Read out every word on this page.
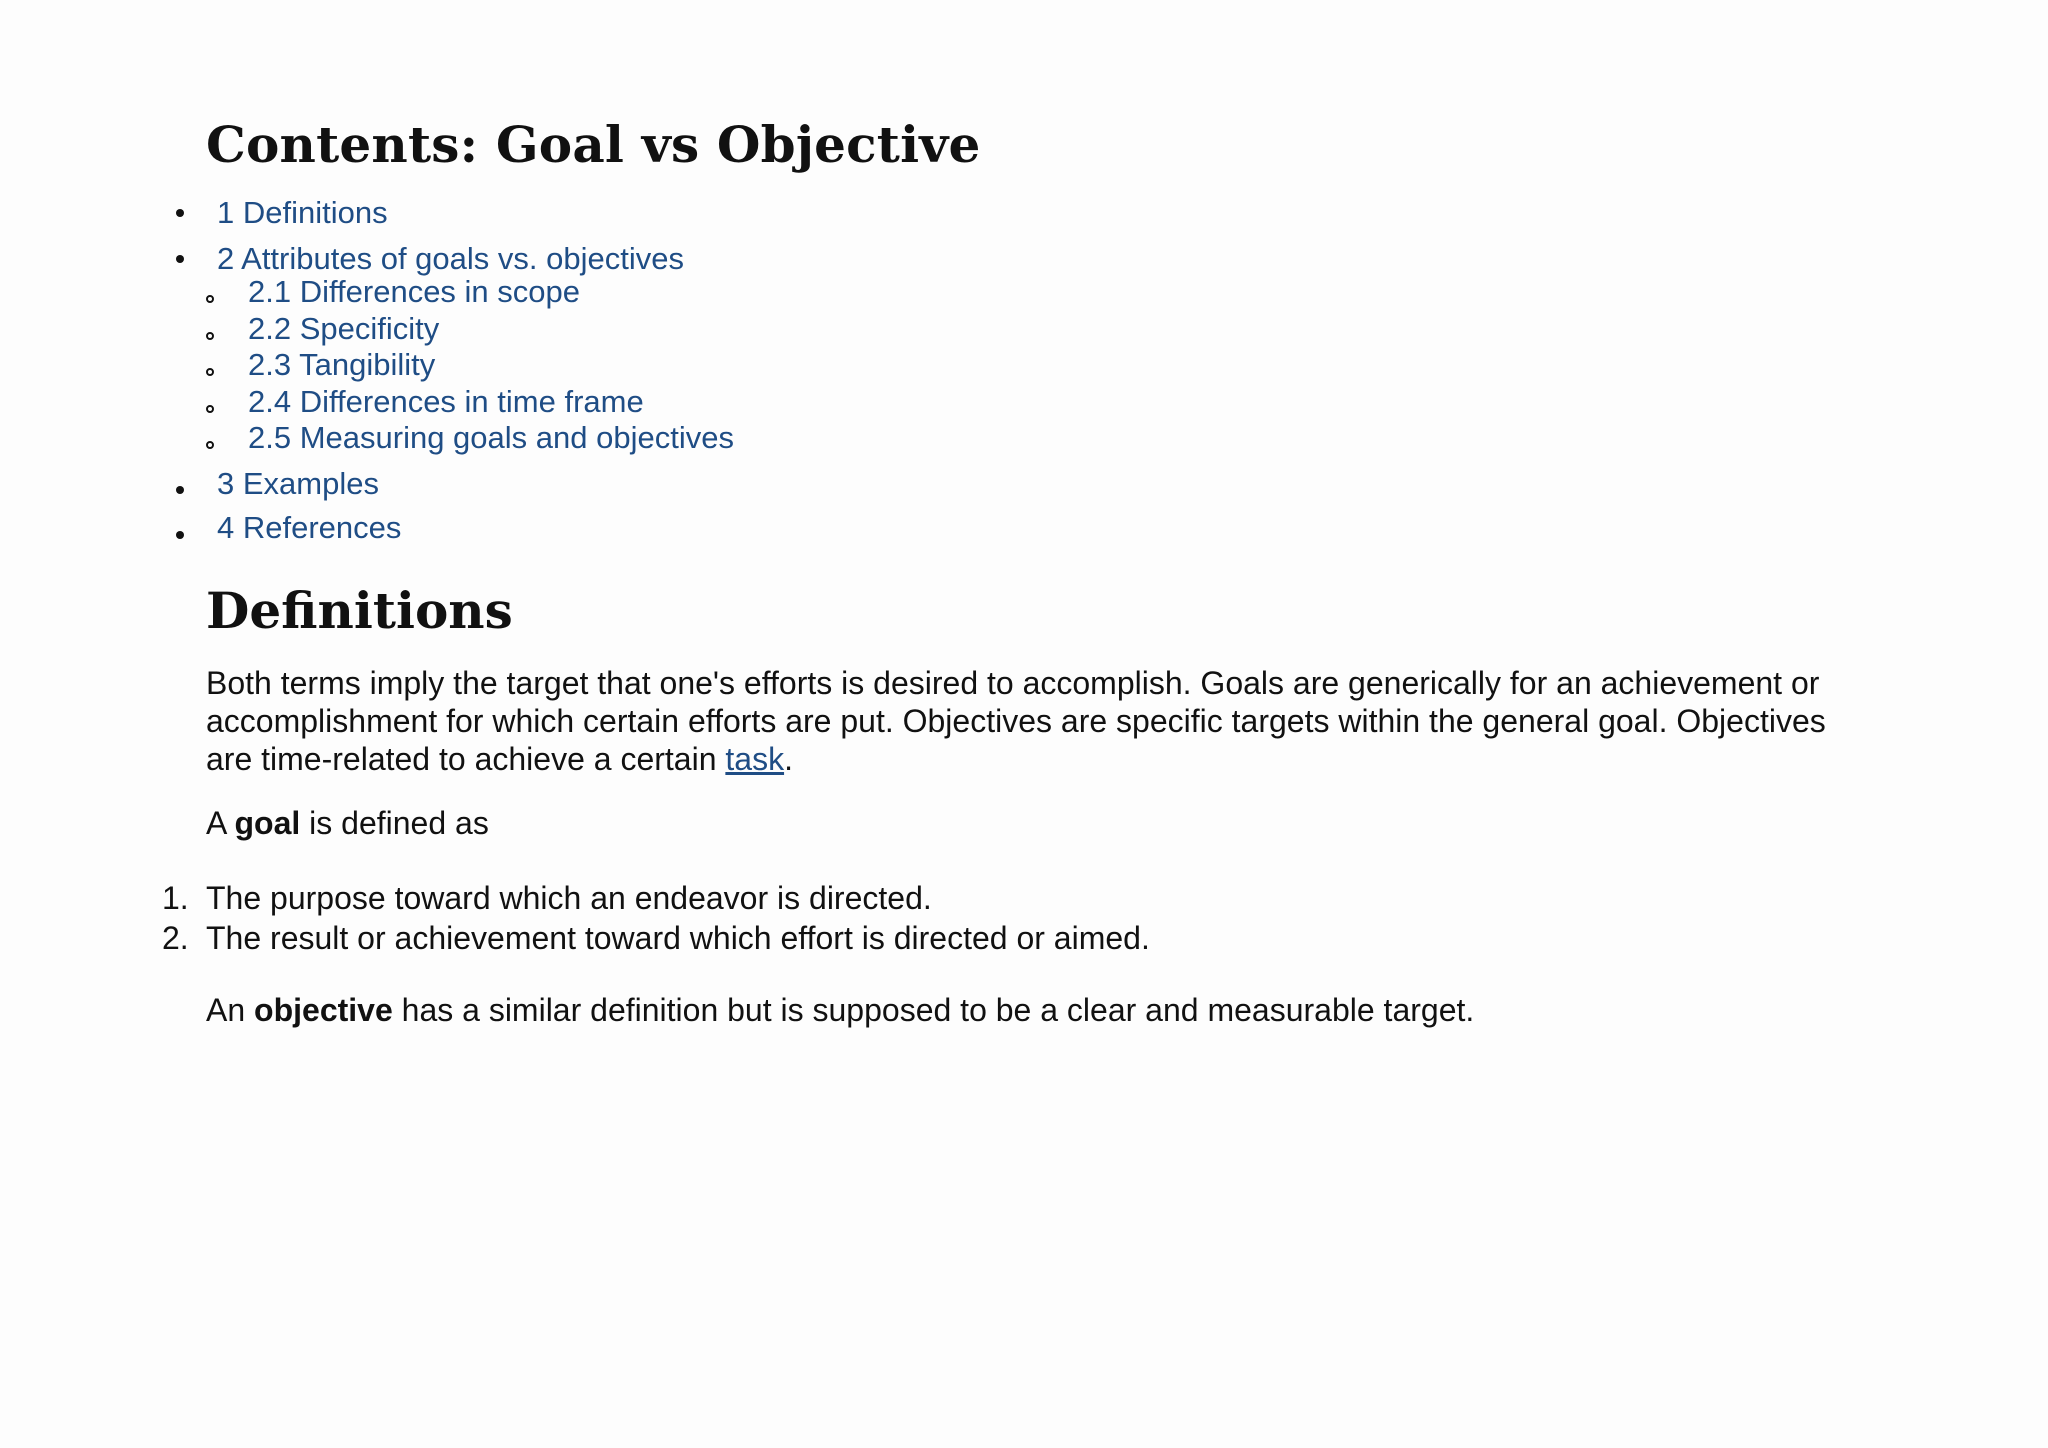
Contents: Goal vs Objective
1 Definitions
2 Attributes of goals vs. objectives
2.1 Differences in scope
2.2 Specificity
2.3 Tangibility
2.4 Differences in time frame
2.5 Measuring goals and objectives
3 Examples
4 References
Definitions

Both terms imply the target that one's efforts is desired to accomplish. Goals are generically for an achievement or accomplishment for which certain efforts are put. Objectives are specific targets within the general goal. Objectives are time-related to achieve a certain task.

A goal is defined as

1. The purpose toward which an endeavor is directed.
2. The result or achievement toward which effort is directed or aimed.

An objective has a similar definition but is supposed to be a clear and measurable target.
